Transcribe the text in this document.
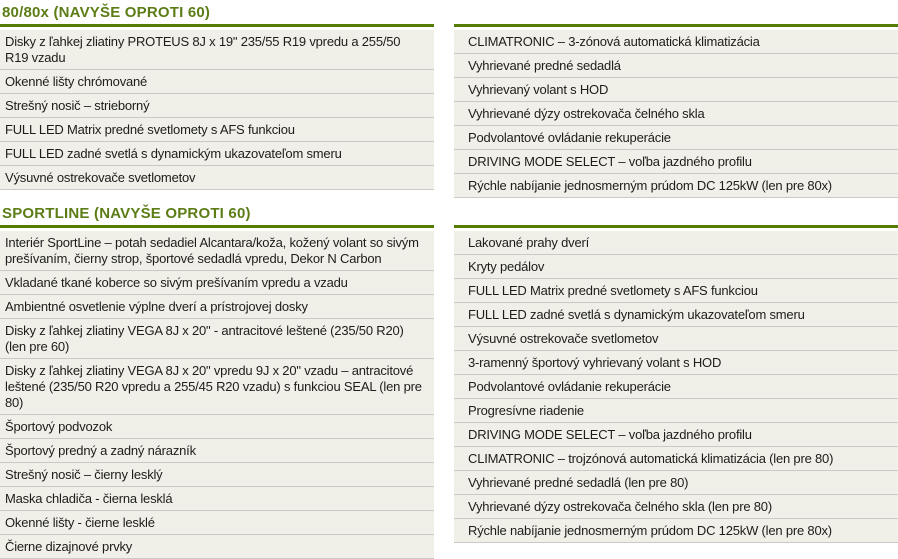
80/80x (NAVYŠE OPROTI 60)
Disky z ľahkej zliatiny PROTEUS 8J x 19" 235/55 R19 vpredu a 255/50 R19 vzadu
Okenné lišty chrómované
Strešný nosič – strieborný
FULL LED Matrix predné svetlomety s AFS funkciou
FULL LED zadné svetlá s dynamickým ukazovateľom smeru
Výsuvné ostrekovače svetlometov
CLIMATRONIC – 3-zónová automatická klimatizácia
Vyhrievané predné sedadlá
Vyhrievaný volant s HOD
Vyhrievané dýzy ostrekovača čelného skla
Podvolantové ovládanie rekuperácie
DRIVING MODE SELECT – voľba jazdného profilu
Rýchle nabíjanie jednosmerným prúdom DC 125kW (len pre 80x)
SPORTLINE (NAVYŠE OPROTI 60)
Interiér SportLine – potah sedadiel Alcantara/koža, kožený volant so sivým prešívaním, čierny strop, športové sedadlá vpredu, Dekor N Carbon
Vkladané tkané koberce so sivým prešívaním vpredu a vzadu
Ambientné osvetlenie výplne dverí a prístrojovej dosky
Disky z ľahkej zliatiny VEGA 8J x 20" - antracitové leštené (235/50 R20) (len pre 60)
Disky z ľahkej zliatiny VEGA 8J x 20" vpredu 9J x 20" vzadu – antracitové leštené (235/50 R20 vpredu a 255/45 R20 vzadu) s funkciou SEAL (len pre 80)
Športový podvozok
Športový predný a zadný nárazník
Strešný nosič – čierny lesklý
Maska chladiča - čierna lesklá
Okenné lišty - čierne lesklé
Čierne dizajnové prvky
Lakované prahy dverí
Kryty pedálov
FULL LED Matrix predné svetlomety s AFS funkciou
FULL LED zadné svetlá s dynamickým ukazovateľom smeru
Výsuvné ostrekovače svetlometov
3-ramenný športový vyhrievaný volant s HOD
Podvolantové ovládanie rekuperácie
Progresívne riadenie
DRIVING MODE SELECT – voľba jazdného profilu
CLIMATRONIC – trojzónová automatická klimatizácia (len pre 80)
Vyhrievané predné sedadlá (len pre 80)
Vyhrievané dýzy ostrekovača čelného skla (len pre 80)
Rýchle nabíjanie jednosmerným prúdom DC 125kW (len pre 80x)
